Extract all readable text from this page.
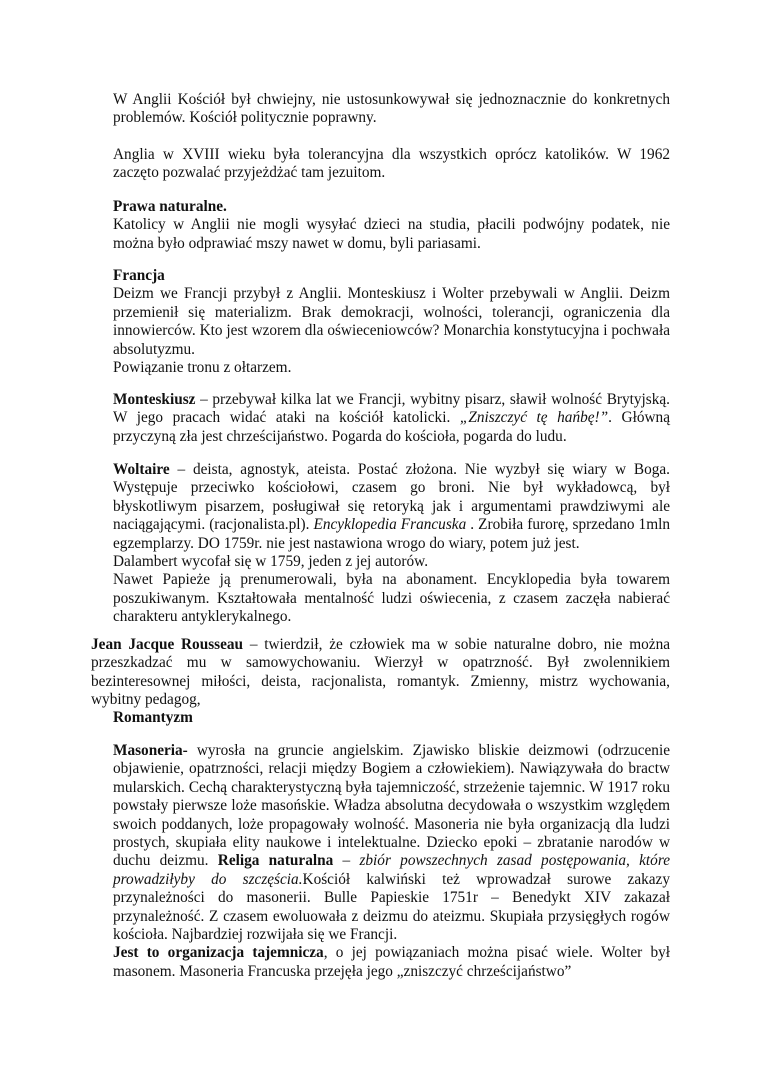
W Anglii Kościół był chwiejny, nie ustosunkowywał się jednoznacznie do konkretnych problemów. Kościół politycznie poprawny.

Anglia w XVIII wieku była tolerancyjna dla wszystkich oprócz katolików. W 1962 zaczęto pozwalać przyjeżdżać tam jezuitom.

Prawa naturalne.

Katolicy w Anglii nie mogli wysyłać dzieci na studia, płacili podwójny podatek, nie można było odprawiać mszy nawet w domu, byli pariasami.

Francja

Deizm we Francji przybył z Anglii. Monteskiusz i Wolter przebywali w Anglii. Deizm przemienił się materializm. Brak demokracji, wolności, tolerancji, ograniczenia dla innowierców. Kto jest wzorem dla oświeceniowców? Monarchia konstytucyjna i pochwała absolutyzmu.

Powiązanie tronu z ołtarzem.

Monteskiusz – przebywał kilka lat we Francji, wybitny pisarz, sławił wolność Brytyjską. W jego pracach widać ataki na kościół katolicki. „Zniszczyć tę hańbę!”. Główną przyczyną zła jest chrześcijaństwo. Pogarda do kościoła, pogarda do ludu.

Woltaire – deista, agnostyk, ateista. Postać złożona. Nie wyzbył się wiary w Boga. Występuje przeciwko kościołowi, czasem go broni. Nie był wykładowcą, był błyskotliwym pisarzem, posługiwał się retoryką jak i argumentami prawdziwymi ale naciągającymi. (racjonalista.pl). Encyklopedia Francuska . Zrobiła furorę, sprzedano 1mln egzemplarzy. DO 1759r. nie jest nastawiona wrogo do wiary, potem już jest.

Dalambert wycofał się w 1759, jeden z jej autorów.

Nawet Papieże ją prenumerowali, była na abonament. Encyklopedia była towarem poszukiwanym. Kształtowała mentalność ludzi oświecenia, z czasem zaczęła nabierać charakteru antyklerykalnego.

Jean Jacque Rousseau – twierdził, że człowiek ma w sobie naturalne dobro, nie można przeszkadzać mu w samowychowaniu. Wierzył w opatrzność. Był zwolennikiem bezinteresownej miłości, deista, racjonalista, romantyk. Zmienny, mistrz wychowania, wybitny pedagog,

Romantyzm

Masoneria- wyrosła na gruncie angielskim. Zjawisko bliskie deizmowi (odrzucenie objawienie, opatrzności, relacji między Bogiem a człowiekiem). Nawiązywała do bractw mularskich. Cechą charakterystyczną była tajemniczość, strzeżenie tajemnic. W 1917 roku powstały pierwsze loże masońskie. Władza absolutna decydowała o wszystkim względem swoich poddanych, loże propagowały wolność. Masoneria nie była organizacją dla ludzi prostych, skupiała elity naukowe i intelektualne. Dziecko epoki – zbratanie narodów w duchu deizmu. Religa naturalna – zbiór powszechnych zasad postępowania, które prowadziłyby do szczęścia.Kościół kalwiński też wprowadzał surowe zakazy przynależności do masonerii. Bulle Papieskie 1751r – Benedykt XIV zakazał przynależność. Z czasem ewoluowała z deizmu do ateizmu. Skupiała przysięgłych rogów kościoła. Najbardziej rozwijała się we Francji.

Jest to organizacja tajemnicza, o jej powiązaniach można pisać wiele. Wolter był masonem. Masoneria Francuska przejęła jego „zniszczyć chrześcijaństwo”
